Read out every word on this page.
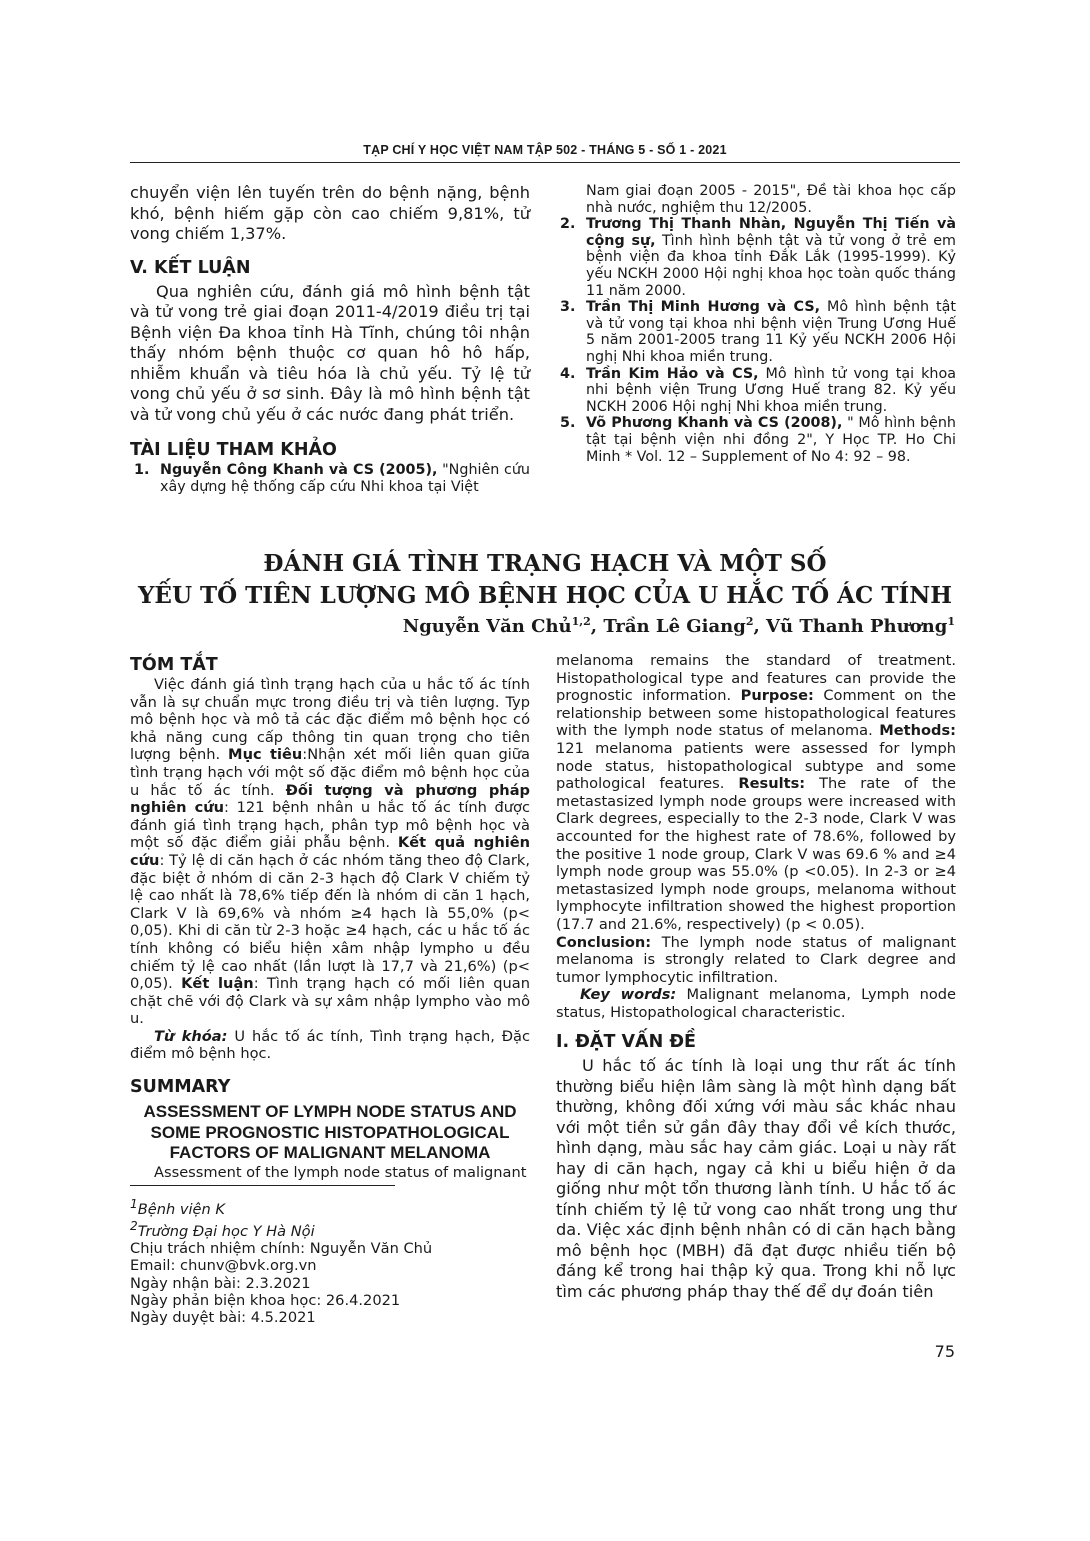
TẠP CHÍ Y HỌC VIỆT NAM TẬP 502 - THÁNG 5 - SỐ 1 - 2021

chuyển viện lên tuyến trên do bệnh nặng, bệnh khó, bệnh hiếm gặp còn cao chiếm 9,81%, tử vong chiếm 1,37%.

V. KẾT LUẬN

Qua nghiên cứu, đánh giá mô hình bệnh tật và tử vong trẻ giai đoạn 2011-4/2019 điều trị tại Bệnh viện Đa khoa tỉnh Hà Tĩnh, chúng tôi nhận thấy nhóm bệnh thuộc cơ quan hô hô hấp, nhiễm khuẩn và tiêu hóa là chủ yếu. Tỷ lệ tử vong chủ yếu ở sơ sinh. Đây là mô hình bệnh tật và tử vong chủ yếu ở các nước đang phát triển.

TÀI LIỆU THAM KHẢO
1. Nguyễn Công Khanh và CS (2005), "Nghiên cứu xây dựng hệ thống cấp cứu Nhi khoa tại Việt
Nam giai đoạn 2005 - 2015", Đề tài khoa học cấp nhà nước, nghiệm thu 12/2005.
2. Trương Thị Thanh Nhàn, Nguyễn Thị Tiến và cộng sự, Tình hình bệnh tật và tử vong ở trẻ em bệnh viện đa khoa tỉnh Đắk Lắk (1995-1999). Kỷ yếu NCKH 2000 Hội nghị khoa học toàn quốc tháng 11 năm 2000.
3. Trần Thị Minh Hương và CS, Mô hình bệnh tật và tử vong tại khoa nhi bệnh viện Trung Ương Huế 5 năm 2001-2005 trang 11 Kỷ yếu NCKH 2006 Hội nghị Nhi khoa miền trung.
4. Trần Kim Hảo và CS, Mô hình tử vong tại khoa nhi bệnh viện Trung Ương Huế trang 82. Kỷ yếu NCKH 2006 Hội nghị Nhi khoa miền trung.
5. Võ Phương Khanh và CS (2008), " Mô hình bệnh tật tại bệnh viện nhi đồng 2", Y Học TP. Ho Chi Minh * Vol. 12 – Supplement of No 4: 92 – 98.
ĐÁNH GIÁ TÌNH TRẠNG HẠCH VÀ MỘT SỐ
YẾU TỐ TIÊN LƯỢNG MÔ BỆNH HỌC CỦA U HẮC TỐ ÁC TÍNH
Nguyễn Văn Chủ$^{1,2}$, Trần Lê Giang$^2$, Vũ Thanh Phương$^1$
TÓM TẮT

Việc đánh giá tình trạng hạch của u hắc tố ác tính vẫn là sự chuẩn mực trong điều trị và tiên lượng. Typ mô bệnh học và mô tả các đặc điểm mô bệnh học có khả năng cung cấp thông tin quan trọng cho tiên lượng bệnh. Mục tiêu:Nhận xét mối liên quan giữa tình trạng hạch với một số đặc điểm mô bệnh học của u hắc tố ác tính. Đối tượng và phương pháp nghiên cứu: 121 bệnh nhân u hắc tố ác tính được đánh giá tình trạng hạch, phân typ mô bệnh học và một số đặc điểm giải phẫu bệnh. Kết quả nghiên cứu: Tỷ lệ di căn hạch ở các nhóm tăng theo độ Clark, đặc biệt ở nhóm di căn 2-3 hạch độ Clark V chiếm tỷ lệ cao nhất là 78,6% tiếp đến là nhóm di căn 1 hạch, Clark V là 69,6% và nhóm ≥4 hạch là 55,0% (p< 0,05). Khi di căn từ 2-3 hoặc ≥4 hạch, các u hắc tố ác tính không có biểu hiện xâm nhập lympho u đều chiếm tỷ lệ cao nhất (lần lượt là 17,7 và 21,6%) (p< 0,05). Kết luận: Tình trạng hạch có mối liên quan chặt chẽ với độ Clark và sự xâm nhập lympho vào mô u.

Từ khóa: U hắc tố ác tính, Tình trạng hạch, Đặc điểm mô bệnh học.

SUMMARY
ASSESSMENT OF LYMPH NODE STATUS AND
SOME PROGNOSTIC HISTOPATHOLOGICAL
FACTORS OF MALIGNANT MELANOMA

Assessment of the lymph node status of malignant

$^1$Bệnh viện K
$^2$Trường Đại học Y Hà Nội
Chịu trách nhiệm chính: Nguyễn Văn Chủ
Email: chunv@bvk.org.vn
Ngày nhận bài: 2.3.2021
Ngày phản biện khoa học: 26.4.2021
Ngày duyệt bài: 4.5.2021

melanoma remains the standard of treatment. Histopathological type and features can provide the prognostic information. Purpose: Comment on the relationship between some histopathological features with the lymph node status of melanoma. Methods: 121 melanoma patients were assessed for lymph node status, histopathological subtype and some pathological features. Results: The rate of the metastasized lymph node groups were increased with Clark degrees, especially to the 2-3 node, Clark V was accounted for the highest rate of 78.6%, followed by the positive 1 node group, Clark V was 69.6 % and ≥4 lymph node group was 55.0% (p <0.05). In 2-3 or ≥4 metastasized lymph node groups, melanoma without lymphocyte infiltration showed the highest proportion (17.7 and 21.6%, respectively) (p < 0.05).
Conclusion: The lymph node status of malignant melanoma is strongly related to Clark degree and tumor lymphocytic infiltration.

Key words: Malignant melanoma, Lymph node status, Histopathological characteristic.

I. ĐẶT VẤN ĐỀ

U hắc tố ác tính là loại ung thư rất ác tính thường biểu hiện lâm sàng là một hình dạng bất thường, không đối xứng với màu sắc khác nhau với một tiền sử gần đây thay đổi về kích thước, hình dạng, màu sắc hay cảm giác. Loại u này rất hay di căn hạch, ngay cả khi u biểu hiện ở da giống như một tổn thương lành tính. U hắc tố ác tính chiếm tỷ lệ tử vong cao nhất trong ung thư da. Việc xác định bệnh nhân có di căn hạch bằng mô bệnh học (MBH) đã đạt được nhiều tiến bộ đáng kể trong hai thập kỷ qua. Trong khi nỗ lực tìm các phương pháp thay thế để dự đoán tiên

75
